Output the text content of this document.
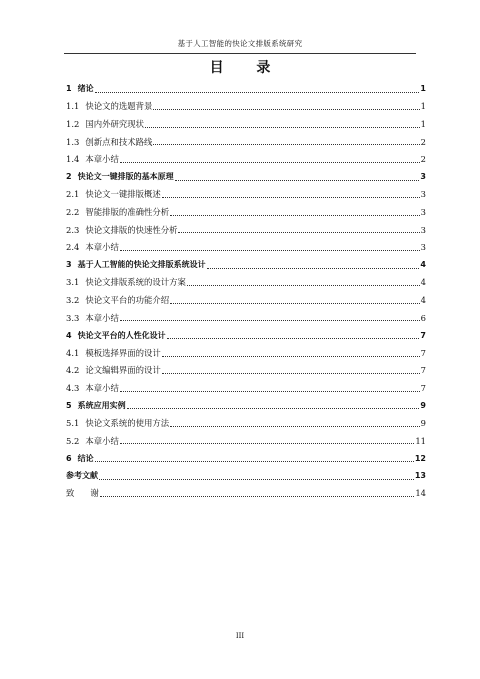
基于人工智能的快论文排版系统研究
目 录
1 绪论	1
1.1 快论文的选题背景	1
1.2 国内外研究现状	1
1.3 创新点和技术路线	2
1.4 本章小结	2
2 快论文一键排版的基本原理	3
2.1 快论文一键排版概述	3
2.2 智能排版的准确性分析	3
2.3 快论文排版的快速性分析	3
2.4 本章小结	3
3 基于人工智能的快论文排版系统设计	4
3.1 快论文排版系统的设计方案	4
3.2 快论文平台的功能介绍	4
3.3 本章小结	6
4 快论文平台的人性化设计	7
4.1 模板选择界面的设计	7
4.2 论文编辑界面的设计	7
4.3 本章小结	7
5 系统应用实例	9
5.1 快论文系统的使用方法	9
5.2 本章小结	11
6 结论	12
参考文献	13
致 谢	14
III
